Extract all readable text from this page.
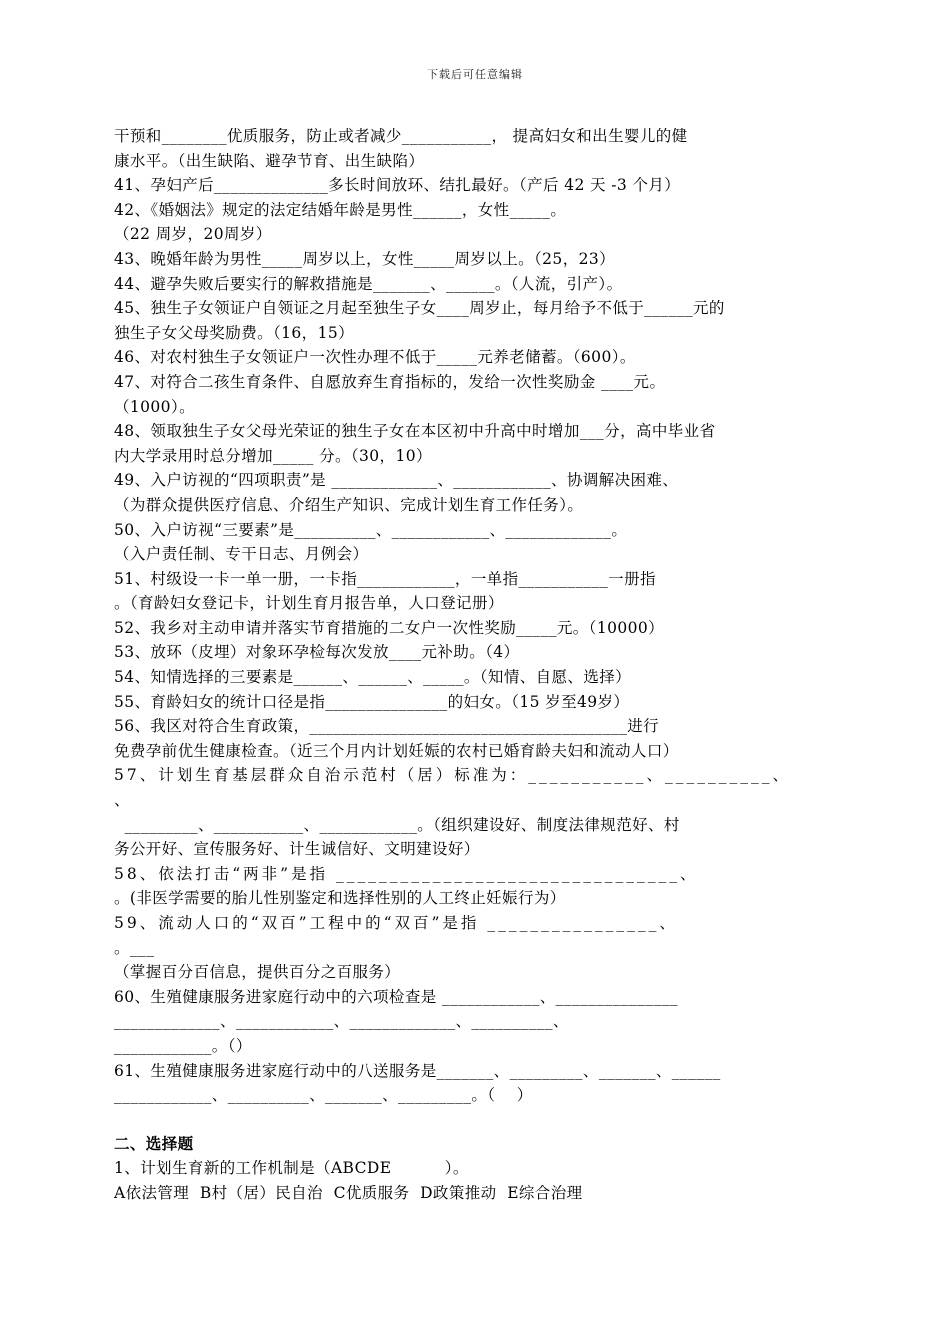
下载后可任意编辑
干预和________优质服务，防止或者减少___________， 提高妇女和出生婴儿的健
康水平。（出生缺陷、避孕节育、出生缺陷）
41、孕妇产后______________多长时间放环、结扎最好。（产后 42 天 -3 个月）
42、《婚姻法》规定的法定结婚年龄是男性______，女性_____。
（22 周岁，20周岁）
43、晚婚年龄为男性_____周岁以上，女性_____周岁以上。（25，23）
44、避孕失败后要实行的解救措施是_______、______。（人流，引产）。
45、独生子女领证户自领证之月起至独生子女____周岁止，每月给予不低于______元的
独生子女父母奖励费。（16，15）
46、对农村独生子女领证户一次性办理不低于_____元养老储蓄。（600）。
47、对符合二孩生育条件、自愿放弃生育指标的，发给一次性奖励金 ____元。
（1000）。
48、领取独生子女父母光荣证的独生子女在本区初中升高中时增加___分，高中毕业省
内大学录用时总分增加_____ 分。（30，10）
49、入户访视的“四项职责”是 _____________、____________、协调解决困难、
（为群众提供医疗信息、介绍生产知识、完成计划生育工作任务）。
50、入户访视“三要素”是__________、____________、_____________。
（入户责任制、专干日志、月例会）
51、村级设一卡一单一册，一卡指____________，一单指___________一册指
。（育龄妇女登记卡，计划生育月报告单，人口登记册）
52、我乡对主动申请并落实节育措施的二女户一次性奖励_____元。（10000）
53、放环（皮埋）对象环孕检每次发放____元补助。（4）
54、知情选择的三要素是______、______、_____。（知情、自愿、选择）
55、育龄妇女的统计口径是指_______________的妇女。（15 岁至49岁）
56、我区对符合生育政策，_______________________________________进行
免费孕前优生健康检查。（近三个月内计划妊娠的农村已婚育龄夫妇和流动人口）
57、计划生育基层群众自治示范村（居）标准为：___________、__________、
、
_________、___________、____________。（组织建设好、制度法律规范好、村
务公开好、宣传服务好、计生诚信好、文明建设好）
58、依法打击“两非”是指 ________________________________、
。(非医学需要的胎儿性别鉴定和选择性别的人工终止妊娠行为）
59、流动人口的“双百”工程中的“双百”是指 ________________、
。___
（掌握百分百信息，提供百分之百服务）
60、生殖健康服务进家庭行动中的六项检查是 ____________、_______________
_____________、____________、_____________、__________、
____________。（）
61、生殖健康服务进家庭行动中的八送服务是_______、_________、_______、______
____________、__________、_______、_________。（    ）
二、选择题
1、计划生育新的工作机制是（ABCDE          ）。
A依法管理  B村（居）民自治  C优质服务  D政策推动  E综合治理
